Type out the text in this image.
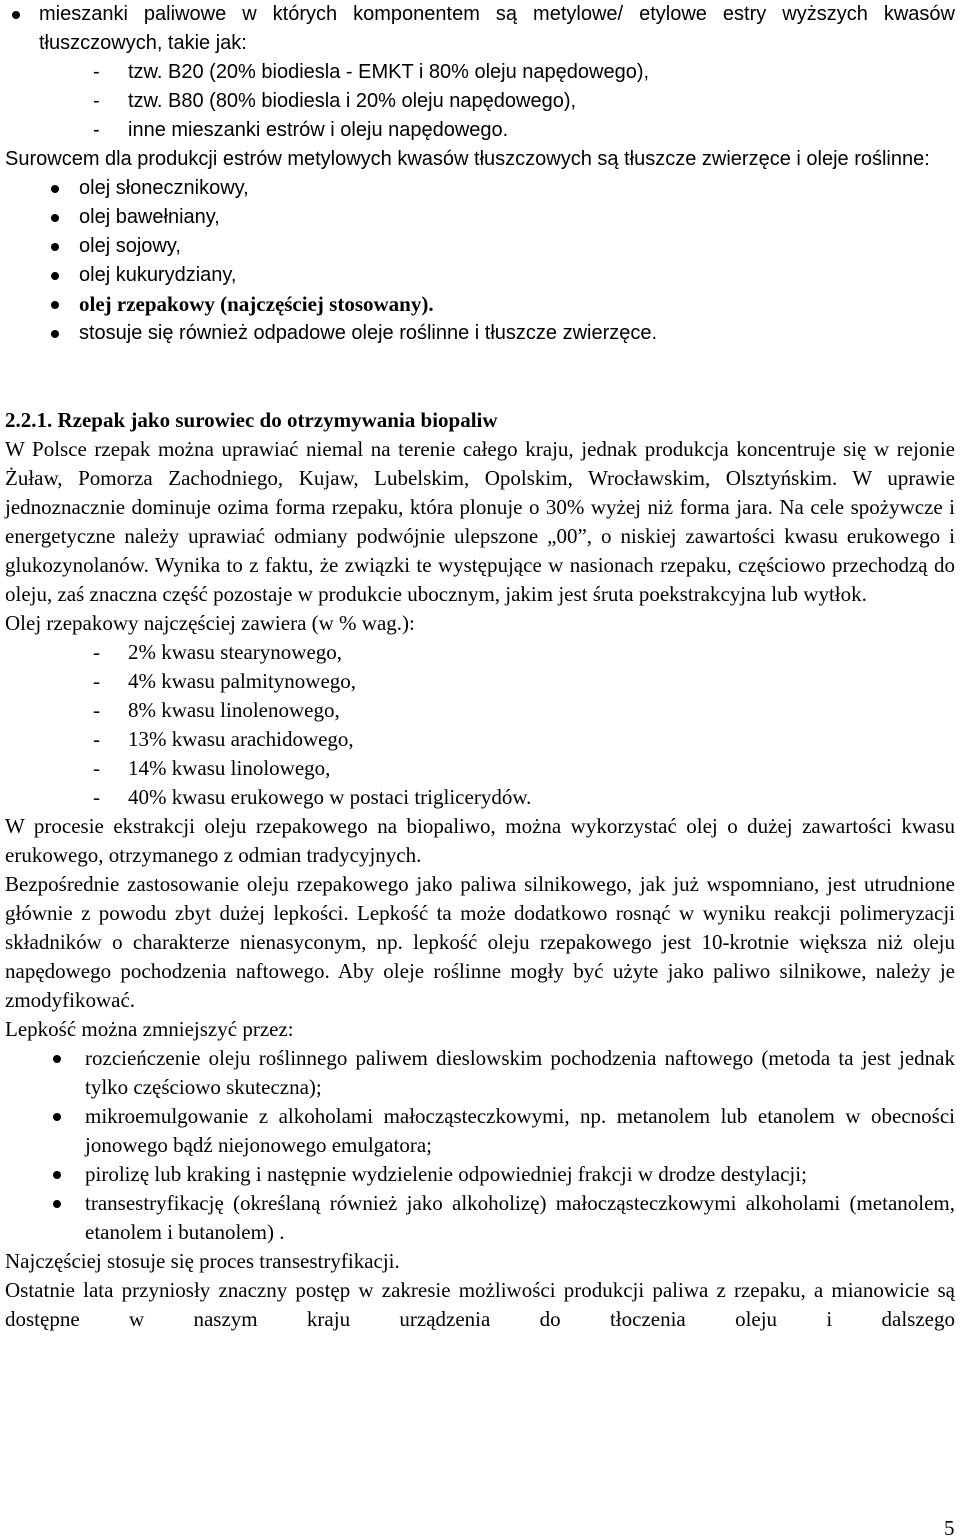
mieszanki paliwowe w których komponentem są metylowe/ etylowe estry wyższych kwasów tłuszczowych, takie jak:

- tzw. B20 (20% biodiesla - EMKT i 80% oleju napędowego),
- tzw. B80 (80% biodiesla i 20% oleju napędowego),
- inne mieszanki estrów i oleju napędowego.

Surowcem dla produkcji estrów metylowych kwasów tłuszczowych są tłuszcze zwierzęce i oleje roślinne:

olej słonecznikowy,
olej bawełniany,
olej sojowy,
olej kukurydziany,
olej rzepakowy (najczęściej stosowany).
stosuje się również odpadowe oleje roślinne i tłuszcze zwierzęce.

2.2.1. Rzepak jako surowiec do otrzymywania biopaliw

W Polsce rzepak można uprawiać niemal na terenie całego kraju, jednak produkcja koncentruje się w rejonie Żuław, Pomorza Zachodniego, Kujaw, Lubelskim, Opolskim, Wrocławskim, Olsztyńskim. W uprawie jednoznacznie dominuje ozima forma rzepaku, która plonuje o 30% wyżej niż forma jara. Na cele spożywcze i energetyczne należy uprawiać odmiany podwójnie ulepszone „00”, o niskiej zawartości kwasu erukowego i glukozynolanów. Wynika to z faktu, że związki te występujące w nasionach rzepaku, częściowo przechodzą do oleju, zaś znaczna część pozostaje w produkcie ubocznym, jakim jest śruta poekstrakcyjna lub wytłok.

Olej rzepakowy najczęściej zawiera (w % wag.):

- 2% kwasu stearynowego,
- 4% kwasu palmitynowego,
- 8% kwasu linolenowego,
- 13% kwasu arachidowego,
- 14% kwasu linolowego,
- 40% kwasu erukowego w postaci triglicerydów.

W procesie ekstrakcji oleju rzepakowego na biopaliwo, można wykorzystać olej o dużej zawartości kwasu erukowego, otrzymanego z odmian tradycyjnych.

Bezpośrednie zastosowanie oleju rzepakowego jako paliwa silnikowego, jak już wspomniano, jest utrudnione głównie z powodu zbyt dużej lepkości. Lepkość ta może dodatkowo rosnąć w wyniku reakcji polimeryzacji składników o charakterze nienasyconym, np. lepkość oleju rzepakowego jest 10-krotnie większa niż oleju napędowego pochodzenia naftowego. Aby oleje roślinne mogły być użyte jako paliwo silnikowe, należy je zmodyfikować.

Lepkość można zmniejszyć przez:

rozcieńczenie oleju roślinnego paliwem dieslowskim pochodzenia naftowego (metoda ta jest jednak tylko częściowo skuteczna);
mikroemulgowanie z alkoholami małocząsteczkowymi, np. metanolem lub etanolem w obecności jonowego bądź niejonowego emulgatora;
pirolizę lub kraking i następnie wydzielenie odpowiedniej frakcji w drodze destylacji;
transestryfikację (określaną również jako alkoholizę) małocząsteczkowymi alkoholami (metanolem, etanolem i butanolem) .

Najczęściej stosuje się proces transestryfikacji.

Ostatnie lata przyniosły znaczny postęp w zakresie możliwości produkcji paliwa z rzepaku, a mianowicie są dostępne w naszym kraju urządzenia do tłoczenia oleju i dalszego

5
